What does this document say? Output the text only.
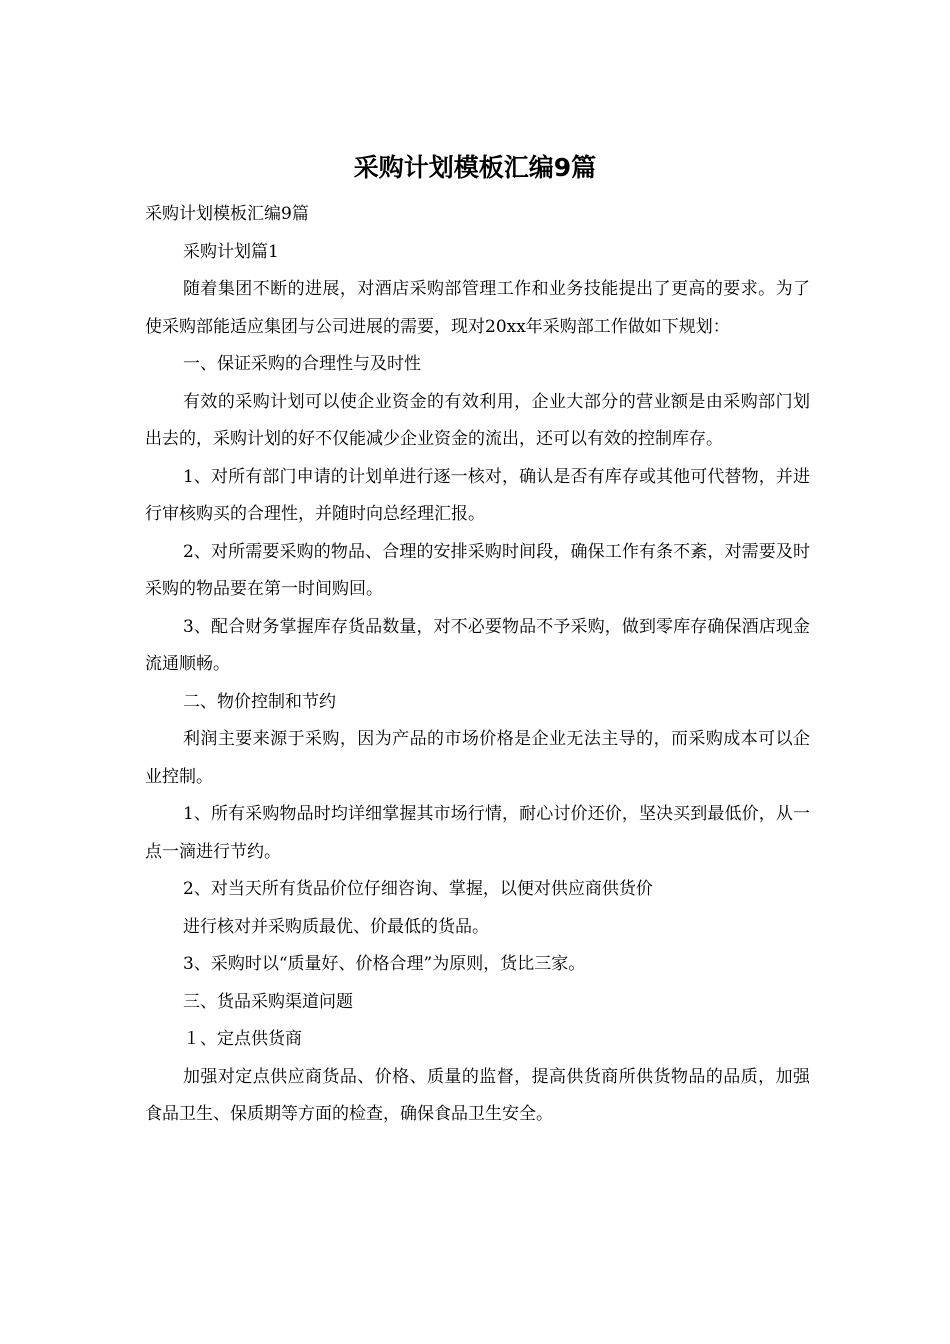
采购计划模板汇编9篇

采购计划模板汇编9篇

采购计划篇1

随着集团不断的进展，对酒店采购部管理工作和业务技能提出了更高的要求。为了使采购部能适应集团与公司进展的需要，现对20xx年采购部工作做如下规划：

一、保证采购的合理性与及时性

有效的采购计划可以使企业资金的有效利用，企业大部分的营业额是由采购部门划出去的，采购计划的好不仅能减少企业资金的流出，还可以有效的控制库存。

1、对所有部门申请的计划单进行逐一核对，确认是否有库存或其他可代替物，并进行审核购买的合理性，并随时向总经理汇报。

2、对所需要采购的物品、合理的安排采购时间段，确保工作有条不紊，对需要及时采购的物品要在第一时间购回。

3、配合财务掌握库存货品数量，对不必要物品不予采购，做到零库存确保酒店现金流通顺畅。

二、物价控制和节约

利润主要来源于采购，因为产品的市场价格是企业无法主导的，而采购成本可以企业控制。

1、所有采购物品时均详细掌握其市场行情，耐心讨价还价，坚决买到最低价，从一点一滴进行节约。

2、对当天所有货品价位仔细咨询、掌握，以便对供应商供货价

进行核对并采购质最优、价最低的货品。

3、采购时以“质量好、价格合理”为原则，货比三家。

三、货品采购渠道问题

１、定点供货商

加强对定点供应商货品、价格、质量的监督，提高供货商所供货物品的品质，加强食品卫生、保质期等方面的检查，确保食品卫生安全。
